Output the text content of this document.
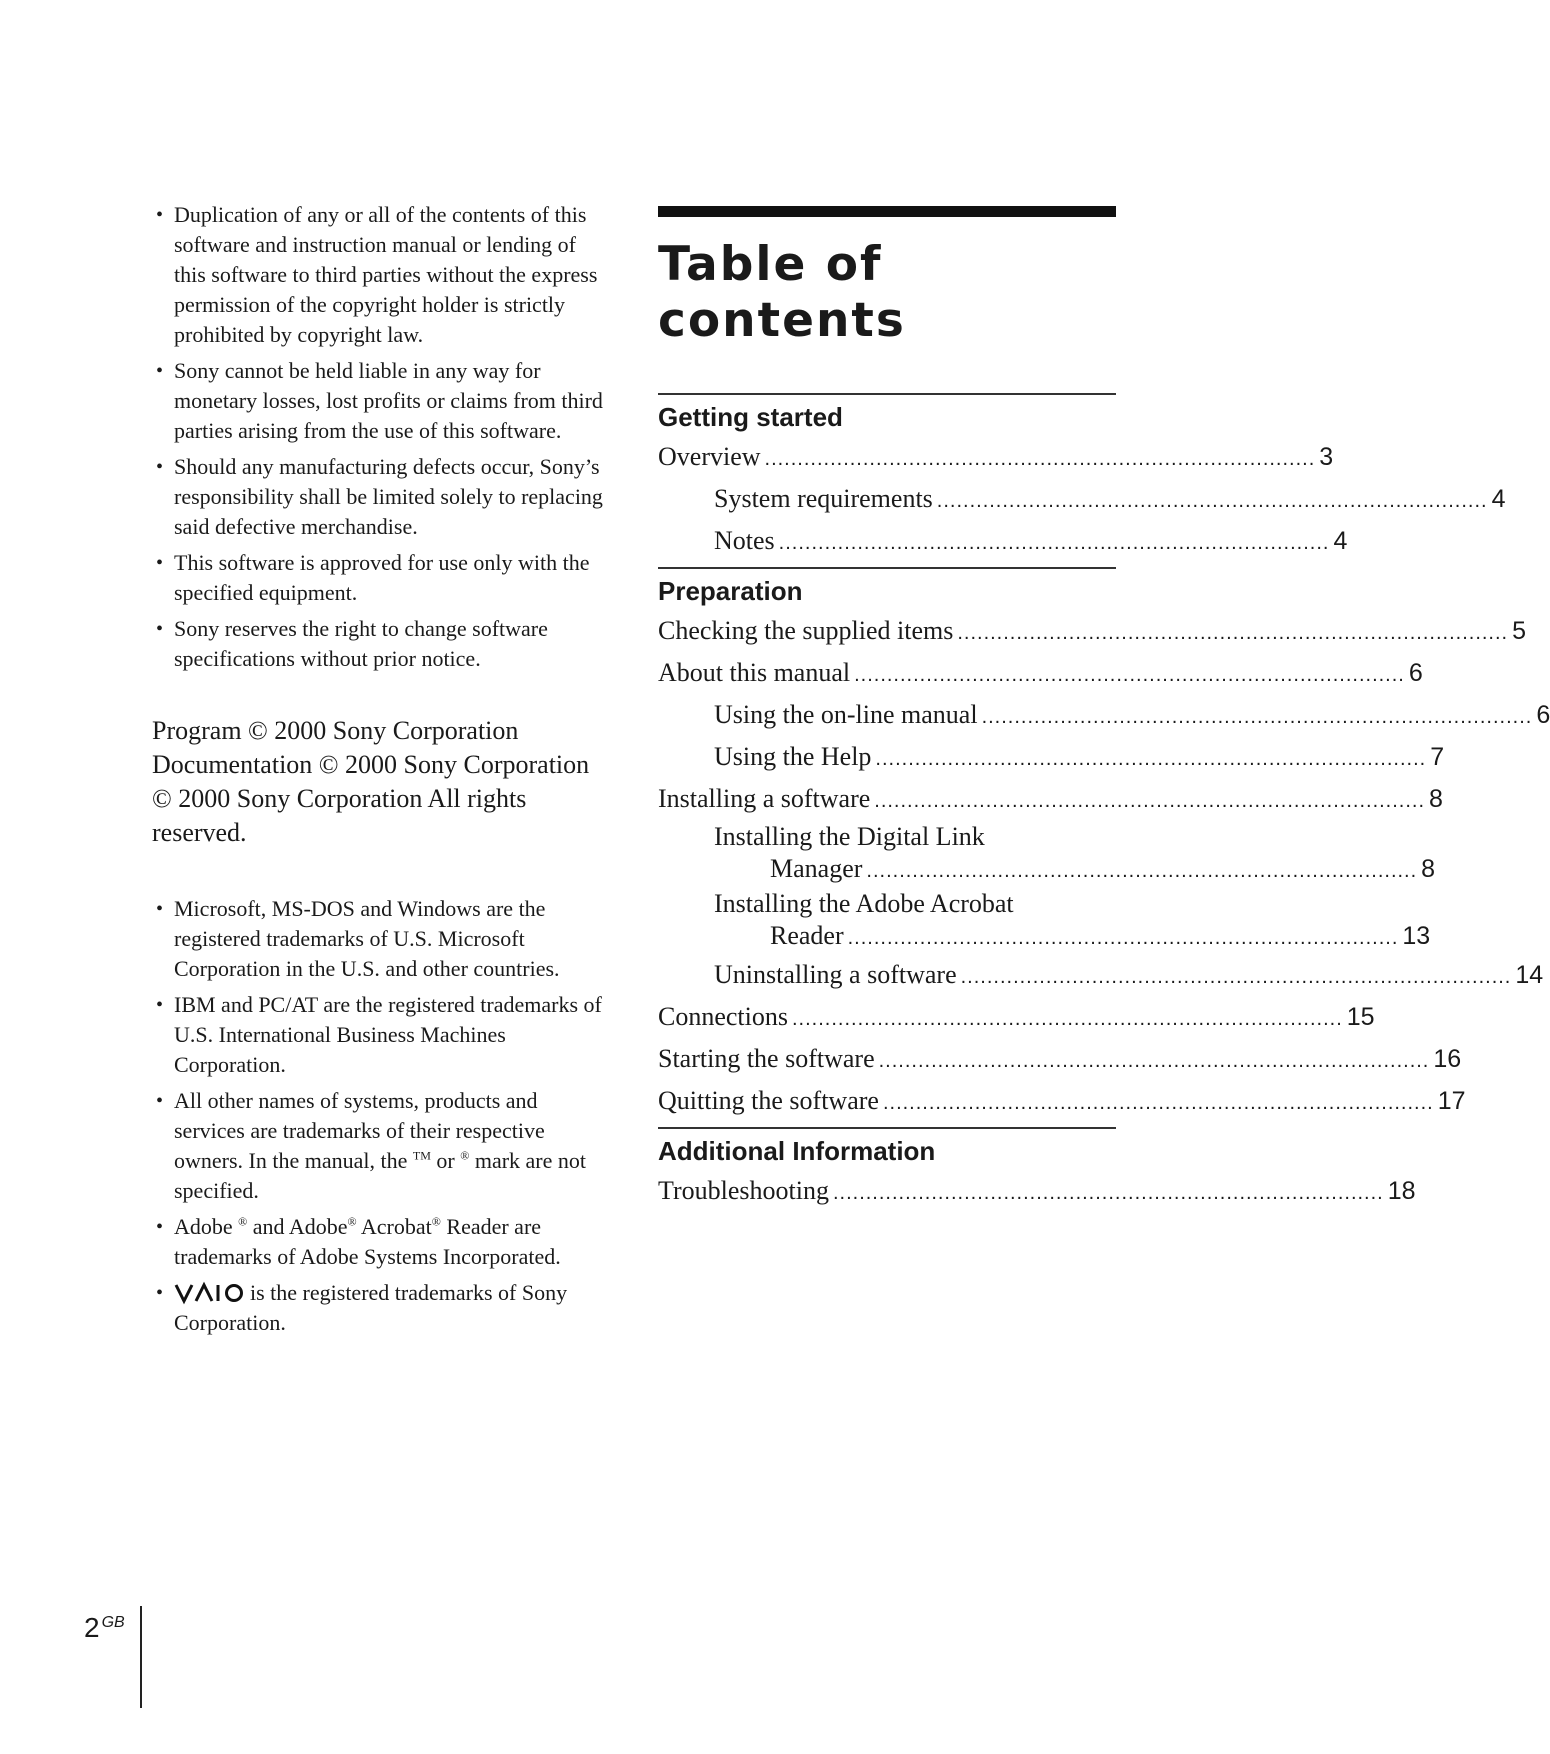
• Duplication of any or all of the contents of this software and instruction manual or lending of this software to third parties without the express permission of the copyright holder is strictly prohibited by copyright law.
• Sony cannot be held liable in any way for monetary losses, lost profits or claims from third parties arising from the use of this software.
• Should any manufacturing defects occur, Sony’s responsibility shall be limited solely to replacing said defective merchandise.
• This software is approved for use only with the specified equipment.
• Sony reserves the right to change software specifications without prior notice.
Program © 2000 Sony Corporation
Documentation © 2000 Sony Corporation
© 2000 Sony Corporation All rights reserved.
• Microsoft, MS-DOS and Windows are the registered trademarks of U.S. Microsoft Corporation in the U.S. and other countries.
• IBM and PC/AT are the registered trademarks of U.S. International Business Machines Corporation.
• All other names of systems, products and services are trademarks of their respective owners. In the manual, the ™ or ® mark are not specified.
• Adobe ® and Adobe® Acrobat® Reader are trademarks of Adobe Systems Incorporated.
• is the registered trademarks of Sony Corporation.
Table of contents
Getting started
Overview .................................................................................... 3
System requirements .................................................................................... 4
Notes .................................................................................... 4
Preparation
Checking the supplied items .................................................................................... 5
About this manual .................................................................................... 6
Using the on-line manual .................................................................................... 6
Using the Help .................................................................................... 7
Installing a software .................................................................................... 8
Installing the Digital Link
Manager .................................................................................... 8
Installing the Adobe Acrobat
Reader .................................................................................... 13
Uninstalling a software .................................................................................... 14
Connections .................................................................................... 15
Starting the software .................................................................................... 16
Quitting the software .................................................................................... 17
Additional Information
Troubleshooting .................................................................................... 18
2 $^{GB}$
